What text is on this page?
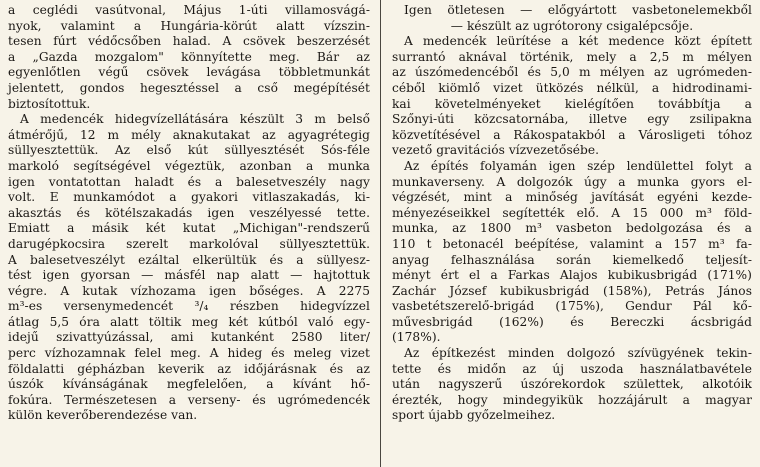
a ceglédi vasútvonal, Május 1-úti villamosvágá-
nyok, valamint a Hungária-körút alatt vízszin-
tesen fúrt védőcsőben halad. A csövek beszerzését
a „Gazda mozgalom" könnyítette meg. Bár az
egyenlőtlen végű csövek levágása többletmunkát
jelentett, gondos hegesztéssel a cső megépítését
biztosítottuk.

A medencék hidegvízellátására készült 3 m belső
átmérőjű, 12 m mély aknakutakat az agyagrétegig
süllyesztettük. Az első kút süllyesztését Sós-féle
markoló segítségével végeztük, azonban a munka
igen vontatottan haladt és a balesetveszély nagy
volt. E munkamódot a gyakori vitlaszakadás, ki-
akasztás és kötélszakadás igen veszélyessé tette.
Emiatt a másik két kutat „Michigan"-rendszerű
darugépkocsira szerelt markolóval süllyesztettük.
A balesetveszélyt ezáltal elkerültük és a süllyesz-
tést igen gyorsan — másfél nap alatt — hajtottuk
végre. A kutak vízhozama igen bőséges. A 2275
m³-es versenymedencét ³/₄ részben hidegvízzel
átlag 5,5 óra alatt töltik meg két kútból való egy-
idejű szivattyúzással, ami kutanként 2580 liter/
perc vízhozamnak felel meg. A hideg és meleg vizet
földalatti gépházban keverik az időjárásnak és az
úszók kívánságának megfelelően, a kívánt hő-
fokúra. Természetesen a verseny- és ugrómedencék
külön keverőberendezése van.

Igen ötletesen — előgyártott vasbetonelemekből
— készült az ugrótorony csigalépcsője.

A medencék leürítése a két medence közt épített
surrantó aknával történik, mely a 2,5 m mélyen
az úszómedencéből és 5,0 m mélyen az ugrómeden-
céből kiömlő vizet ütközés nélkül, a hidrodinami-
kai követelményeket kielégítően továbbítja a
Szőnyi-úti közcsatornába, illetve egy zsilipakna
közvetítésével a Rákospatakból a Városligeti tóhoz
vezető gravitációs vízvezetősébe.

Az építés folyamán igen szép lendülettel folyt a
munkaverseny. A dolgozók úgy a munka gyors el-
végzését, mint a minőség javítását egyéni kezde-
ményezéseikkel segítették elő. A 15 000 m³ föld-
munka, az 1800 m³ vasbeton bedolgozása és a
110 t betonacél beépítése, valamint a 157 m³ fa-
anyag felhasználása során kiemelkedő teljesít-
ményt ért el a Farkas Alajos kubikusbrigád (171%)
Zachár József kubikusbrigád (158%), Petrás János
vasbetétszerelő-brigád (175%), Gendur Pál kő-
művesbrigád (162%) és Bereczki ácsbrigád
(178%).

Az építkezést minden dolgozó szívügyének tekin-
tette és midőn az új uszoda használatbavétele
után nagyszerű úszórekordok születtek, alkotóik
érezték, hogy mindegyikük hozzájárult a magyar
sport újabb győzelmeihez.
